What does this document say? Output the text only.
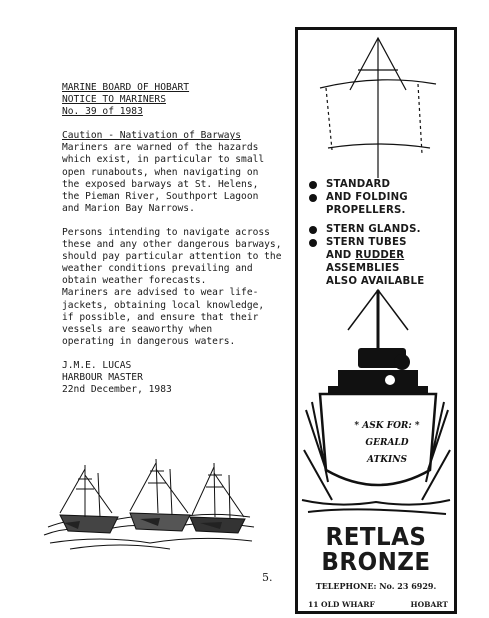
MARINE BOARD OF HOBART
NOTICE TO MARINERS
No. 39 of 1983
Caution - Nativation of Barways
Mariners are warned of the hazards
which exist, in particular to small
open runabouts, when navigating on
the exposed barways at St. Helens,
the Pieman River, Southport Lagoon
and Marion Bay Narrows.
Persons intending to navigate across
these and any other dangerous barways,
should pay particular attention to the
weather conditions prevailing and
obtain weather forecasts.
Mariners are advised to wear life-
jackets, obtaining local knowledge,
if possible, and ensure that their
vessels are seaworthy when
operating in dangerous waters.
J.M.E. LUCAS
HARBOUR MASTER
22nd December, 1983
5.
STANDARD
AND FOLDING
PROPELLERS.
STERN GLANDS.
STERN TUBES
AND RUDDER
ASSEMBLIES
ALSO AVAILABLE
* ASK FOR: *
GERALD
ATKINS
RETLAS
BRONZE
TELEPHONE: No. 23 6929.
11 OLD WHARF	HOBART
